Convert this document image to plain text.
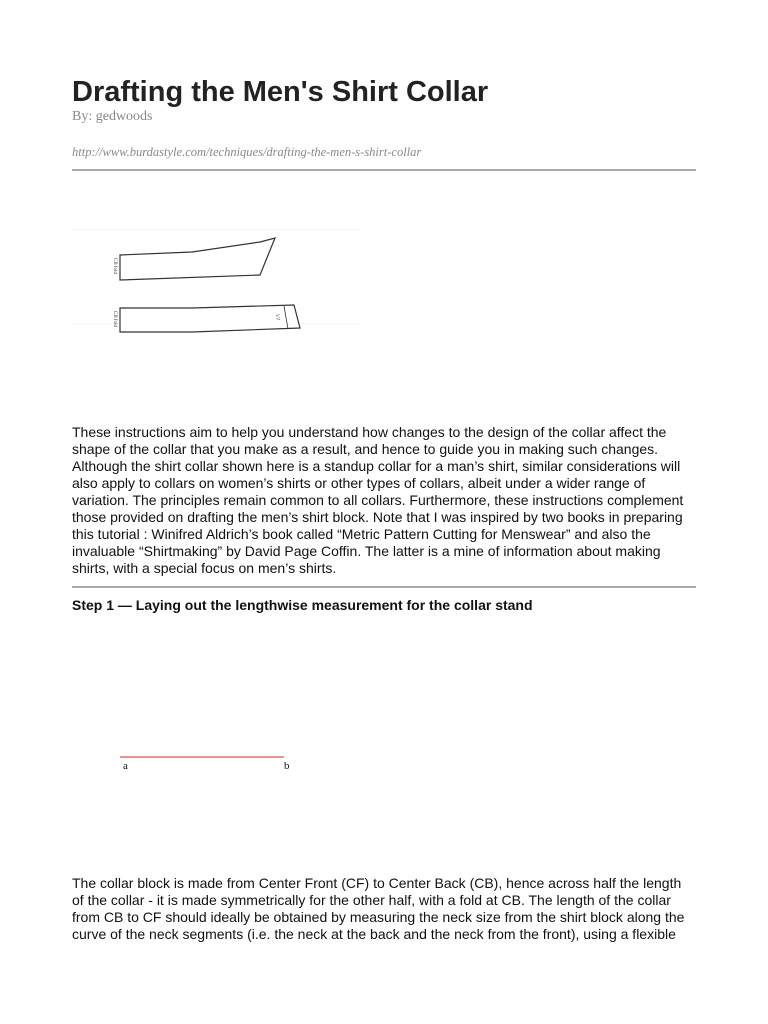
Drafting the Men's Shirt Collar
By: gedwoods
http://www.burdastyle.com/techniques/drafting-the-men-s-shirt-collar
CB fold
CB fold	1/2

These instructions aim to help you understand how changes to the design of the collar affect the shape of the collar that you make as a result, and hence to guide you in making such changes. Although the shirt collar shown here is a standup collar for a man’s shirt, similar considerations will also apply to collars on women’s shirts or other types of collars, albeit under a wider range of variation. The principles remain common to all collars. Furthermore, these instructions complement those provided on drafting the men’s shirt block. Note that I was inspired by two books in preparing this tutorial : Winifred Aldrich’s book called “Metric Pattern Cutting for Menswear” and also the invaluable “Shirtmaking” by David Page Coffin. The latter is a mine of information about making shirts, with a special focus on men’s shirts.

Step 1 — Laying out the lengthwise measurement for the collar stand
a	b

The collar block is made from Center Front (CF) to Center Back (CB), hence across half the length of the collar - it is made symmetrically for the other half, with a fold at CB. The length of the collar from CB to CF should ideally be obtained by measuring the neck size from the shirt block along the curve of the neck segments (i.e. the neck at the back and the neck from the front), using a flexible
